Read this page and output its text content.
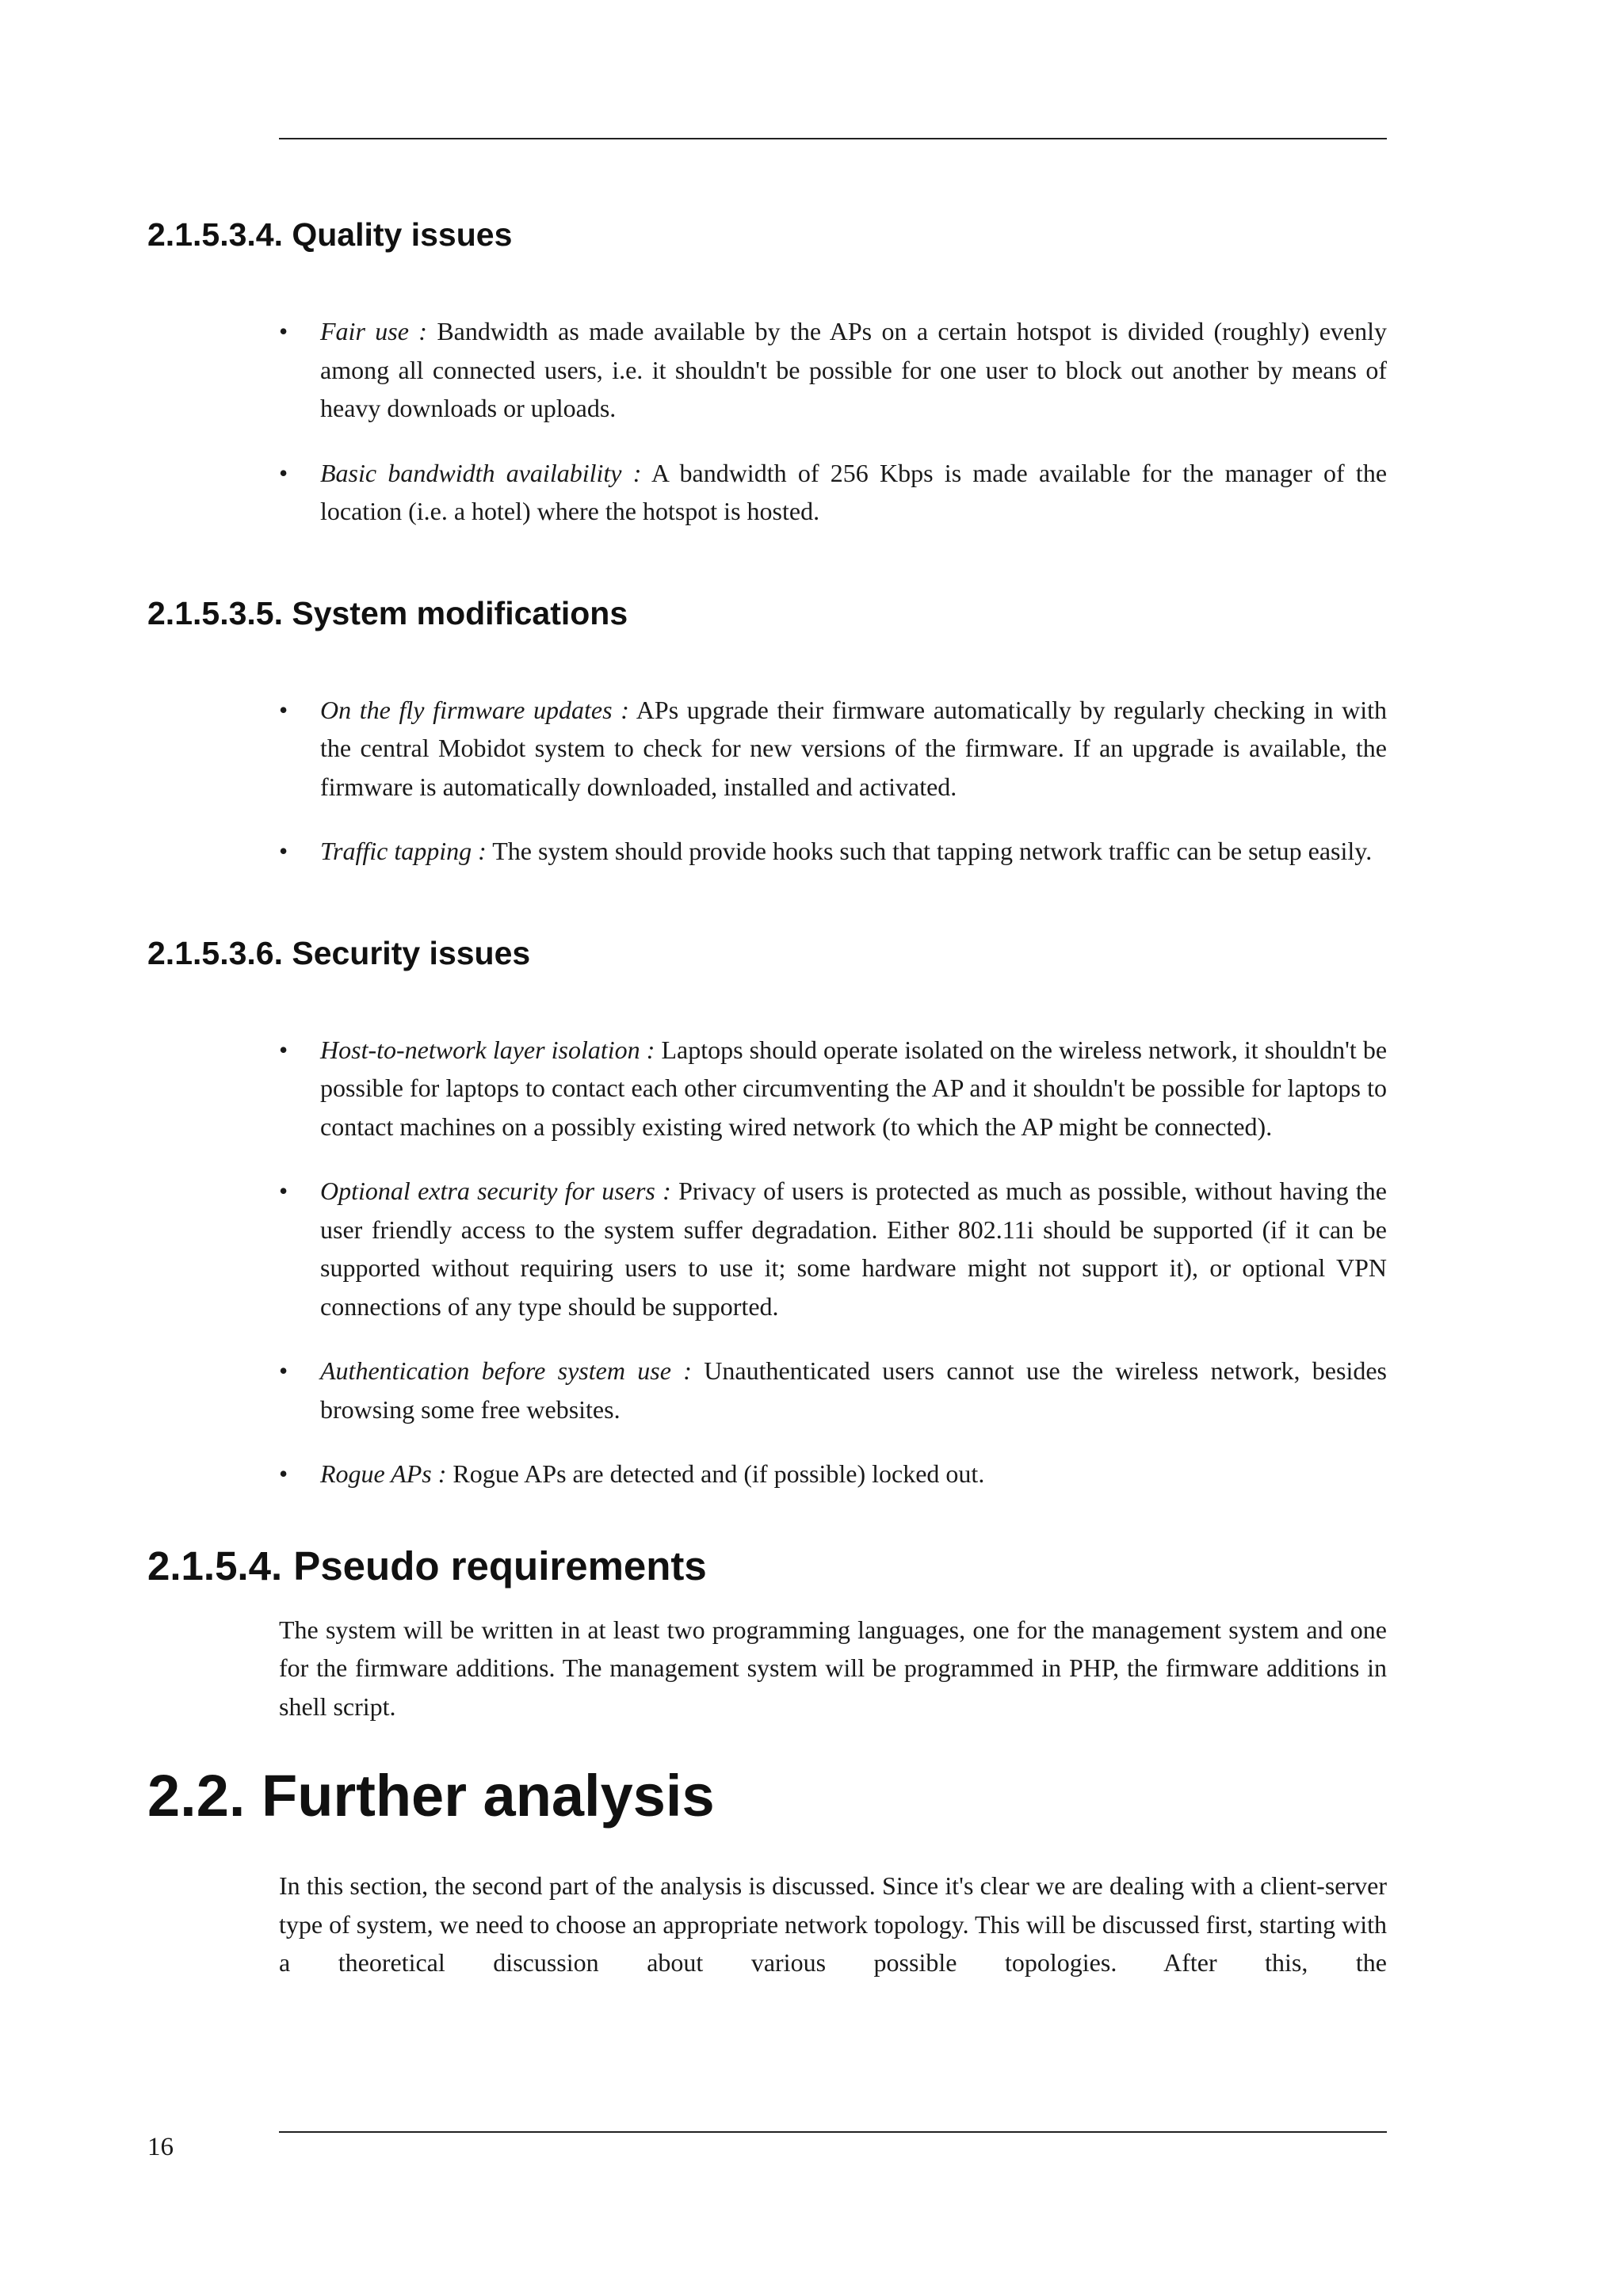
2.1.5.3.4. Quality issues
• Fair use : Bandwidth as made available by the APs on a certain hotspot is divided (roughly) evenly among all connected users, i.e. it shouldn't be possible for one user to block out another by means of heavy downloads or uploads.
• Basic bandwidth availability : A bandwidth of 256 Kbps is made available for the manager of the location (i.e. a hotel) where the hotspot is hosted.
2.1.5.3.5. System modifications
• On the fly firmware updates : APs upgrade their firmware automatically by regularly checking in with the central Mobidot system to check for new versions of the firmware. If an upgrade is available, the firmware is automatically downloaded, installed and activated.
• Traffic tapping : The system should provide hooks such that tapping network traffic can be setup easily.
2.1.5.3.6. Security issues
• Host-to-network layer isolation : Laptops should operate isolated on the wireless network, it shouldn't be possible for laptops to contact each other circumventing the AP and it shouldn't be possible for laptops to contact machines on a possibly existing wired network (to which the AP might be connected).
• Optional extra security for users : Privacy of users is protected as much as possible, without having the user friendly access to the system suffer degradation. Either 802.11i should be supported (if it can be supported without requiring users to use it; some hardware might not support it), or optional VPN connections of any type should be supported.
• Authentication before system use : Unauthenticated users cannot use the wireless network, besides browsing some free websites.
• Rogue APs : Rogue APs are detected and (if possible) locked out.
2.1.5.4. Pseudo requirements

The system will be written in at least two programming languages, one for the management system and one for the firmware additions. The management system will be programmed in PHP, the firmware additions in shell script.

2.2. Further analysis

In this section, the second part of the analysis is discussed. Since it's clear we are dealing with a client-server type of system, we need to choose an appropriate network topology. This will be discussed first, starting with a theoretical discussion about various possible topologies. After this, the

16
